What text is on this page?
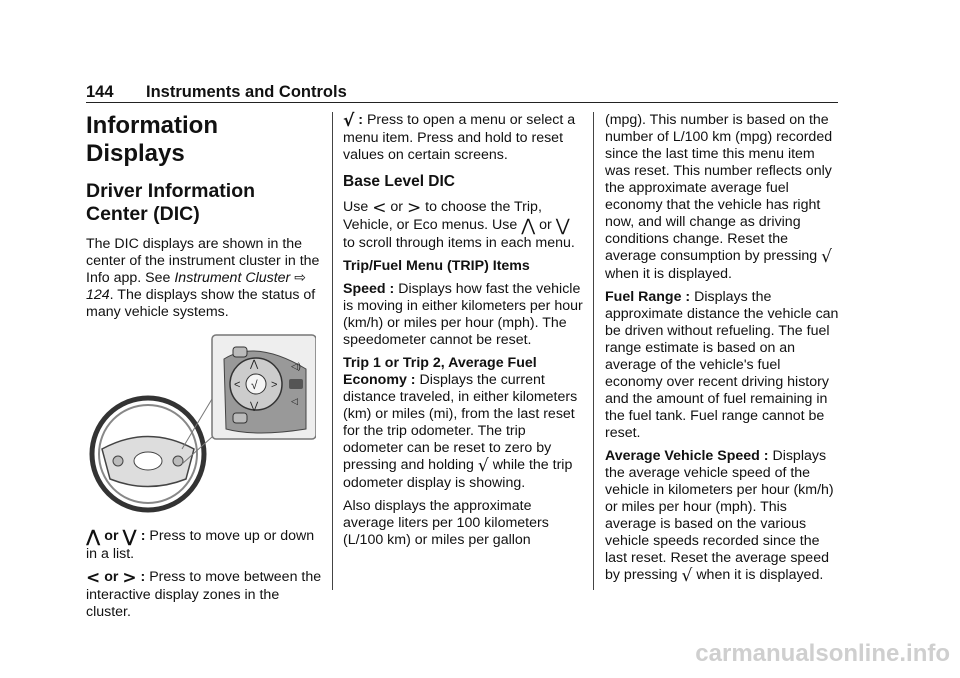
144 Instruments and Controls
Information Displays
Driver Information Center (DIC)

The DIC displays are shown in the center of the instrument cluster in the Info app. See Instrument Cluster ⇨ 124. The displays show the status of many vehicle systems.

√
⋀
⋁
<	>
◁)
◁

⋀ or ⋁ : Press to move up or down in a list.

< or > : Press to move between the interactive display zones in the cluster.

√ : Press to open a menu or select a menu item. Press and hold to reset values on certain screens.

Base Level DIC

Use < or > to choose the Trip, Vehicle, or Eco menus. Use ⋀ or ⋁ to scroll through items in each menu.

Trip/Fuel Menu (TRIP) Items

Speed : Displays how fast the vehicle is moving in either kilometers per hour (km/h) or miles per hour (mph). The speedometer cannot be reset.

Trip 1 or Trip 2, Average Fuel Economy : Displays the current distance traveled, in either kilometers (km) or miles (mi), from the last reset for the trip odometer. The trip odometer can be reset to zero by pressing and holding √ while the trip odometer display is showing.

Also displays the approximate average liters per 100 kilometers (L/100 km) or miles per gallon

(mpg). This number is based on the number of L/100 km (mpg) recorded since the last time this menu item was reset. This number reflects only the approximate average fuel economy that the vehicle has right now, and will change as driving conditions change. Reset the average consumption by pressing √ when it is displayed.

Fuel Range : Displays the approximate distance the vehicle can be driven without refueling. The fuel range estimate is based on an average of the vehicle's fuel economy over recent driving history and the amount of fuel remaining in the fuel tank. Fuel range cannot be reset.

Average Vehicle Speed : Displays the average vehicle speed of the vehicle in kilometers per hour (km/h) or miles per hour (mph). This average is based on the various vehicle speeds recorded since the last reset. Reset the average speed by pressing √ when it is displayed.

carmanualsonline.info
